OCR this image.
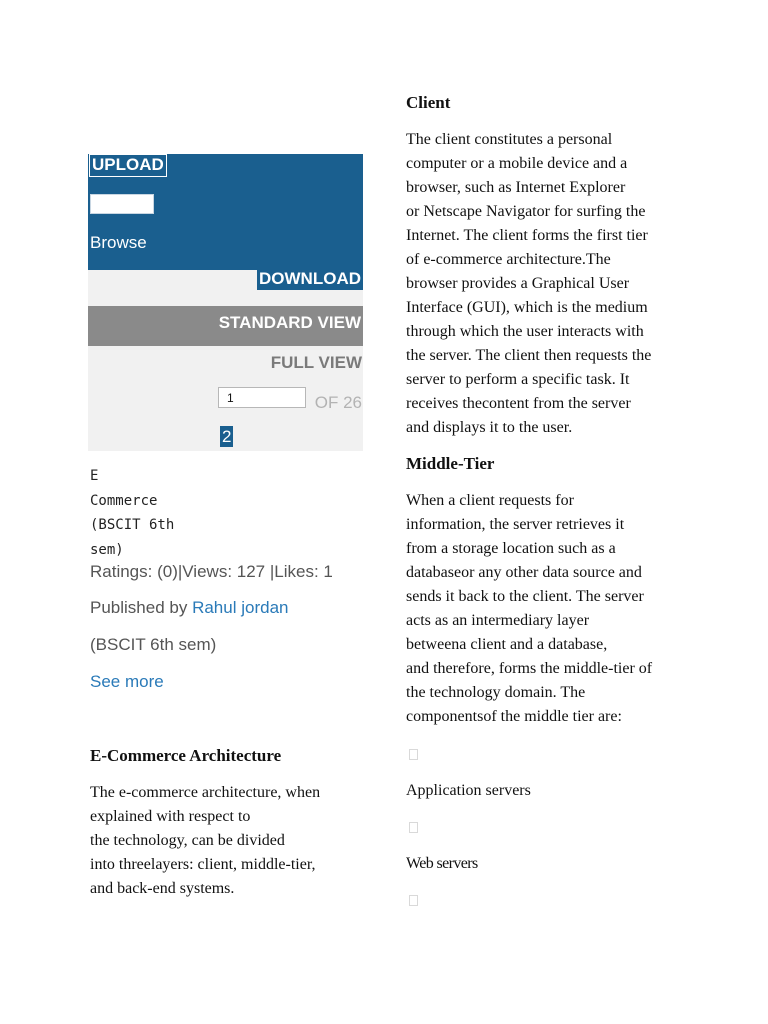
UPLOAD
Browse
DOWNLOAD
STANDARD VIEW
FULL VIEW
1
OF 26
2
E
Commerce
(BSCIT 6th
sem)
Ratings: (0)|Views: 127 |Likes: 1
Published by Rahul jordan
(BSCIT 6th sem)
See more
E-Commerce Architecture
The e-commerce architecture, when
explained with respect to
the technology, can be divided
into threelayers: client, middle-tier,
and back-end systems.
Client
The client constitutes a personal
computer or a mobile device and a
browser, such as Internet Explorer
or Netscape Navigator for surfing the
Internet. The client forms the first tier
of e-commerce architecture.The
browser provides a Graphical User
Interface (GUI), which is the medium
through which the user interacts with
the server. The client then requests the
server to perform a specific task. It
receives thecontent from the server
and displays it to the user.
Middle-Tier
When a client requests for
information, the server retrieves it
from a storage location such as a
databaseor any other data source and
sends it back to the client. The server
acts as an intermediary layer
betweena client and a database,
and therefore, forms the middle-tier of
the technology domain. The
componentsof the middle tier are:
Application servers
Web servers
